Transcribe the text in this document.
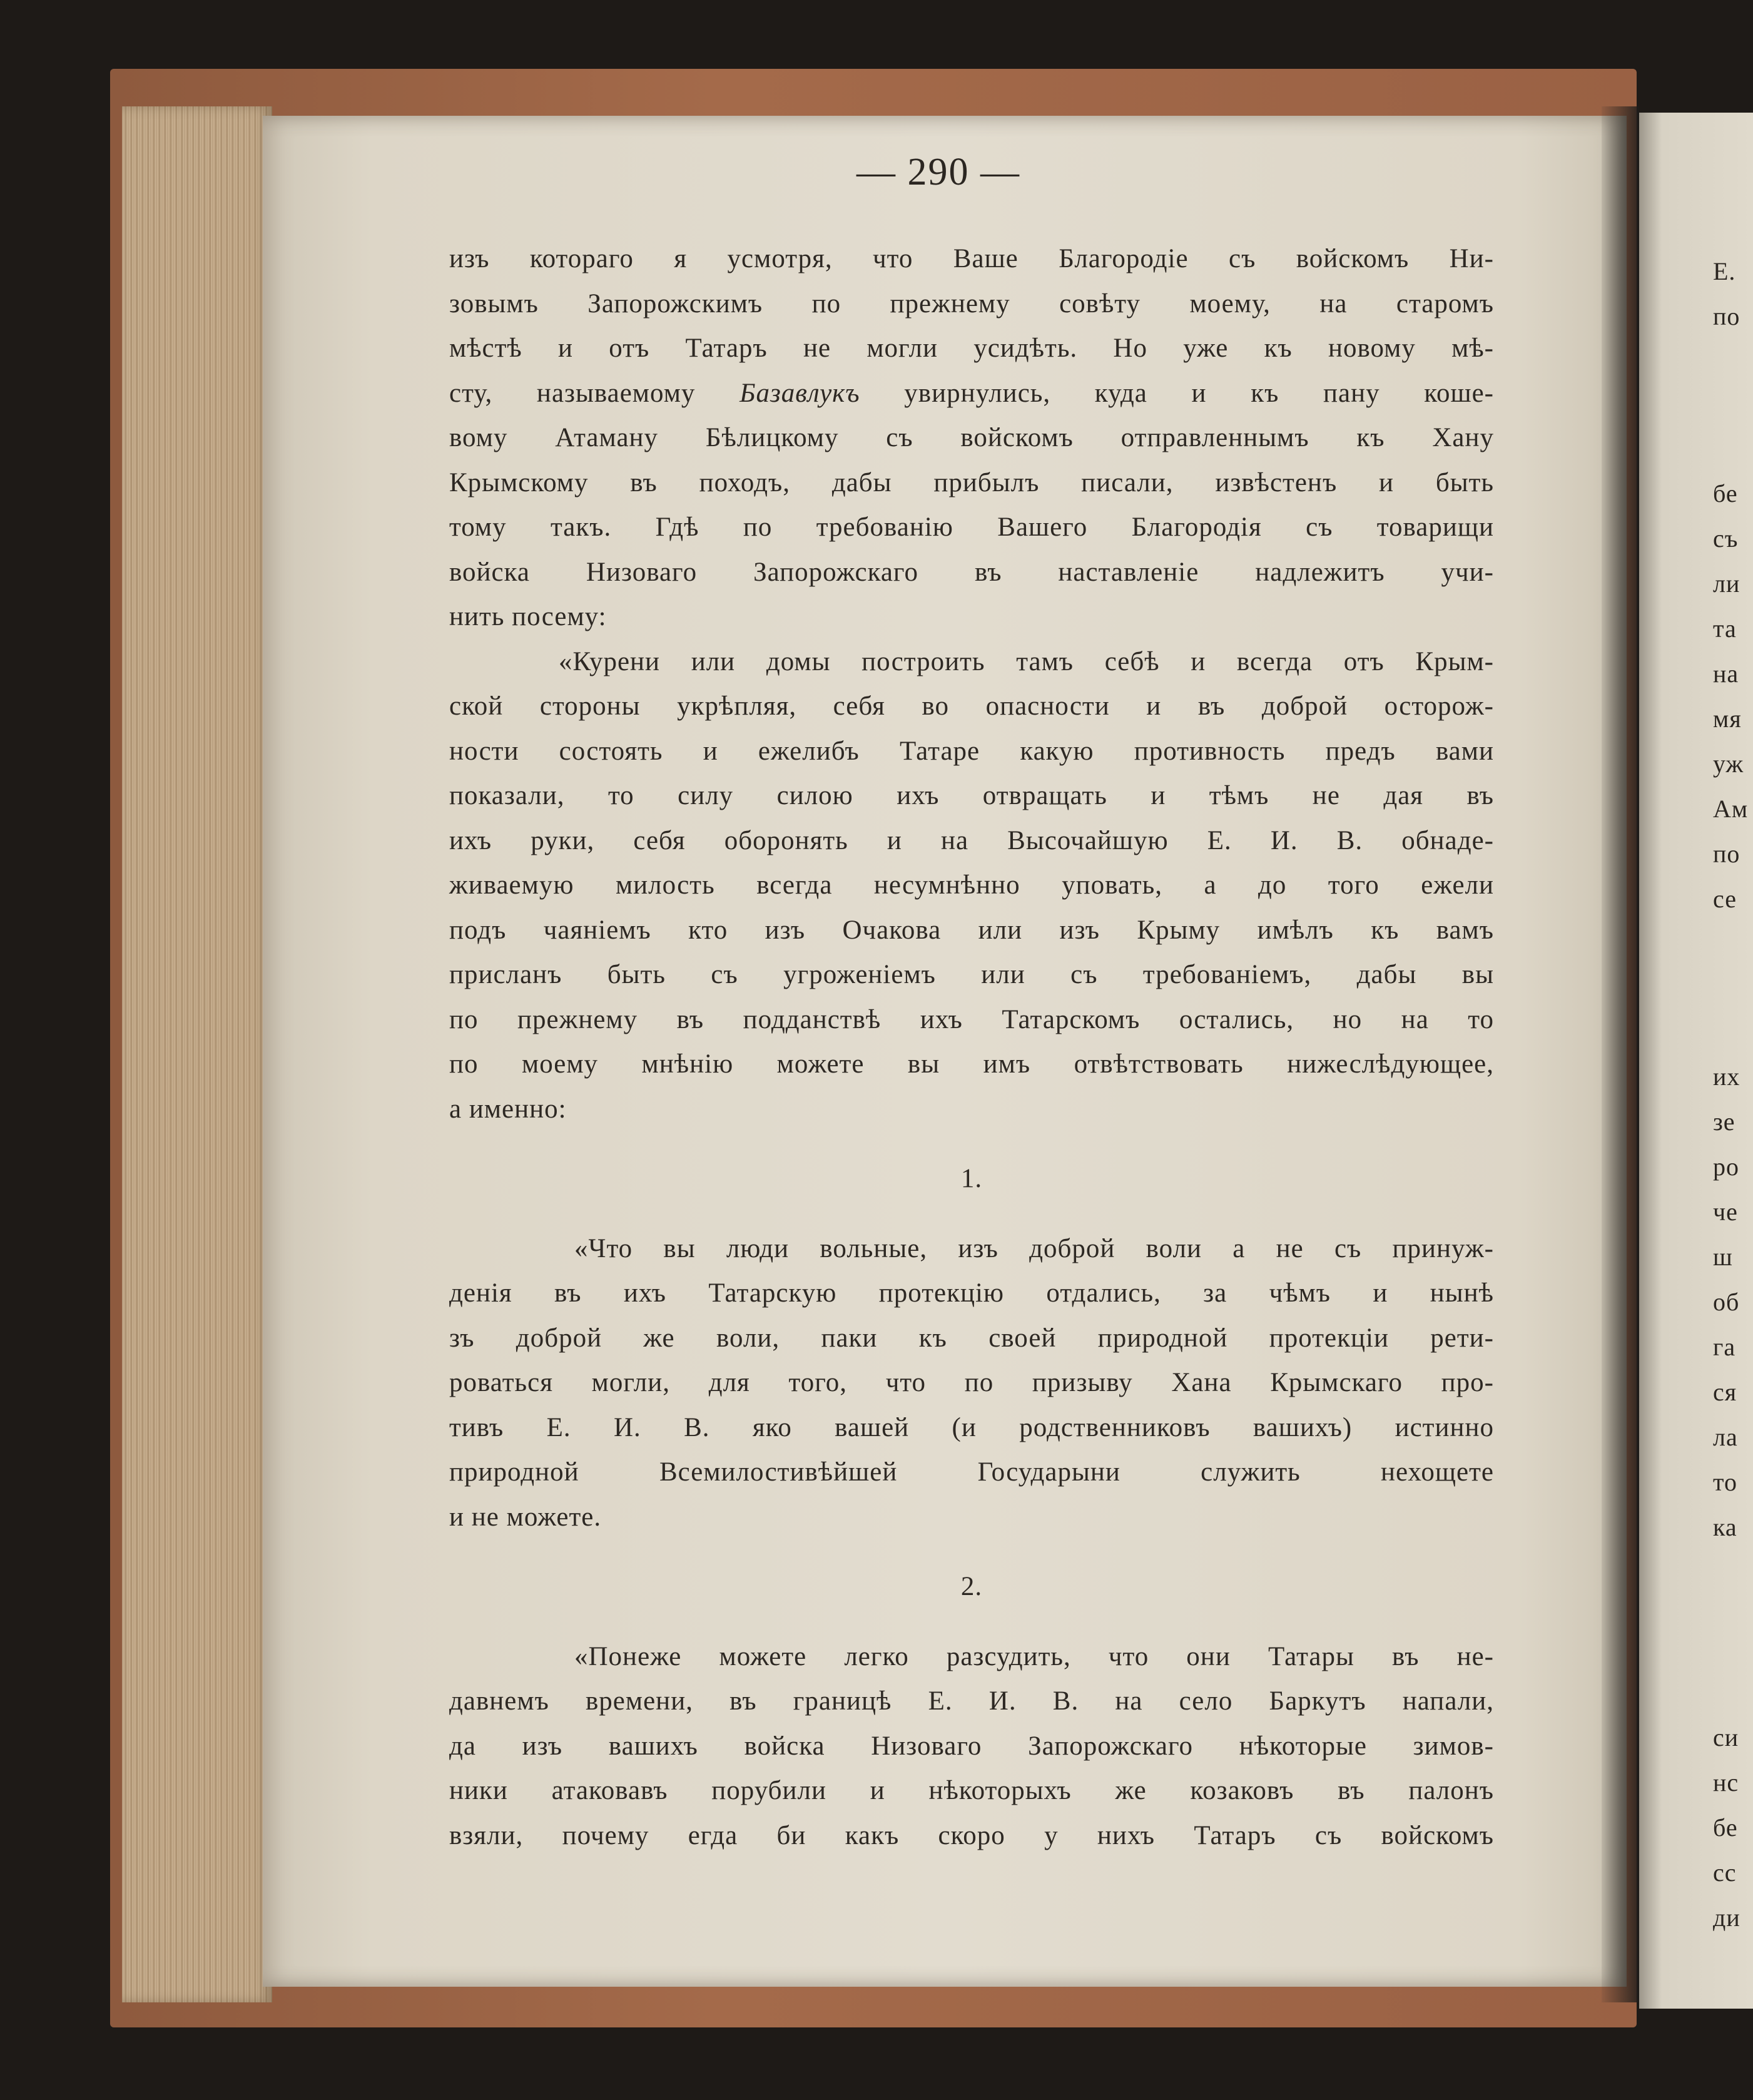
Е.
по
бе
съ
ли
та
на
мя
уж
Ам
по
се
их
зе
ро
че
ш
об
га
ся
ла
то
ка
си
нс
бе
сс
ди
— 290 —
изъ котораго я усмотря, что Ваше Благородіе съ войскомъ Ни-
зовымъ Запорожскимъ по прежнему совѣту моему, на старомъ
мѣстѣ и отъ Татаръ не могли усидѣть. Но уже къ новому мѣ-
сту, называемому Базавлукъ увирнулись, куда и къ пану коше-
вому Атаману Бѣлицкому съ войскомъ отправленнымъ къ Хану
Крымскому въ походъ, дабы прибылъ писали, извѣстенъ и быть
тому такъ. Гдѣ по требованію Вашего Благородія съ товарищи
войска Низоваго Запорожскаго въ наставленіе надлежитъ учи-
нить посему:
«Курени или домы построить тамъ себѣ и всегда отъ Крым-
ской стороны укрѣпляя, себя во опасности и въ доброй осторож-
ности состоять и ежелибъ Татаре какую противность предъ вами
показали, то силу силою ихъ отвращать и тѣмъ не дая въ
ихъ руки, себя оборонять и на Высочайшую Е. И. В. обнаде-
живаемую милость всегда несумнѣнно уповать, а до того ежели
подъ чаяніемъ кто изъ Очакова или изъ Крыму имѣлъ къ вамъ
присланъ быть съ угроженіемъ или съ требованіемъ, дабы вы
по прежнему въ подданствѣ ихъ Татарскомъ остались, но на то
по моему мнѣнію можете вы имъ отвѣтствовать нижеслѣдующее,
а именно:
1.
«Что вы люди вольные, изъ доброй воли а не съ принуж-
денія въ ихъ Татарскую протекцію отдались, за чѣмъ и нынѣ
зъ доброй же воли, паки къ своей природной протекціи рети-
роваться могли, для того, что по призыву Хана Крымскаго про-
тивъ Е. И. В. яко вашей (и родственниковъ вашихъ) истинно
природной Всемилостивѣйшей Государыни служить нехощете
и не можете.
2.
«Понеже можете легко разсудить, что они Татары въ не-
давнемъ времени, въ границѣ Е. И. В. на село Баркутъ напали,
да изъ вашихъ войска Низоваго Запорожскаго нѣкоторые зимов-
ники атаковавъ порубили и нѣкоторыхъ же козаковъ въ палонъ
взяли, почему егда би какъ скоро у нихъ Татаръ съ войскомъ
